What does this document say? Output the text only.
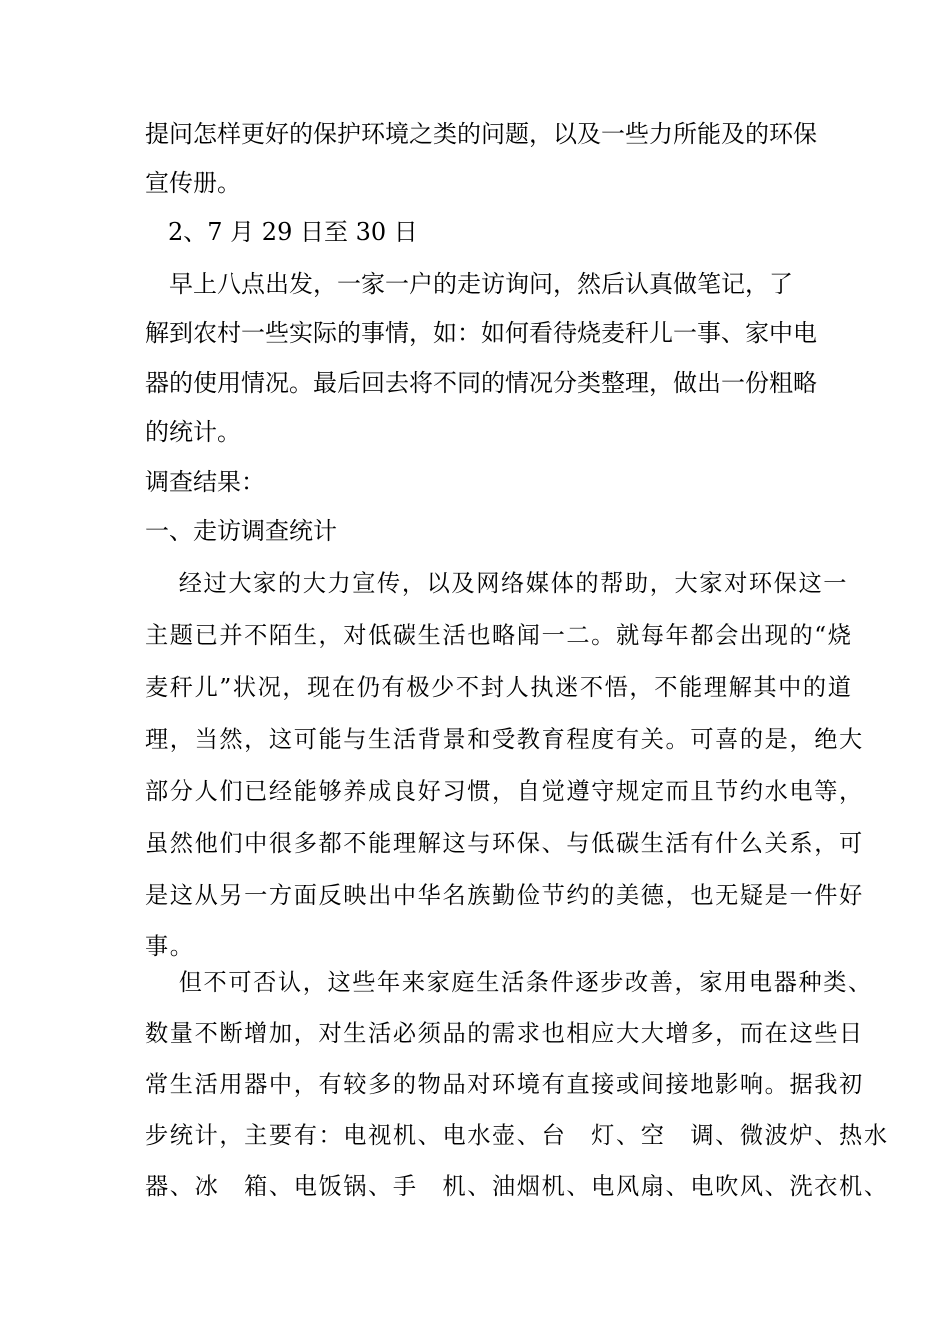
提问怎样更好的保护环境之类的问题，以及一些力所能及的环保

宣传册。

2、7 月 29 日至 30 日

　早上八点出发，一家一户的走访询问，然后认真做笔记，了

解到农村一些实际的事情，如：如何看待烧麦秆儿一事、家中电

器的使用情况。最后回去将不同的情况分类整理，做出一份粗略

的统计。

调查结果：

一、走访调查统计

　 经过大家的大力宣传，以及网络媒体的帮助，大家对环保这一

主题已并不陌生，对低碳生活也略闻一二。就每年都会出现的“烧

麦秆儿”状况，现在仍有极少不封人执迷不悟，不能理解其中的道

理，当然，这可能与生活背景和受教育程度有关。可喜的是，绝大

部分人们已经能够养成良好习惯，自觉遵守规定而且节约水电等，

虽然他们中很多都不能理解这与环保、与低碳生活有什么关系，可

是这从另一方面反映出中华名族勤俭节约的美德，也无疑是一件好

事。

　 但不可否认，这些年来家庭生活条件逐步改善，家用电器种类、

数量不断增加，对生活必须品的需求也相应大大增多，而在这些日

常生活用器中，有较多的物品对环境有直接或间接地影响。据我初

步统计，主要有：电视机、电水壶、台　灯、空　调、微波炉、热水

器、冰　箱、电饭锅、手　机、油烟机、电风扇、电吹风、洗衣机、
